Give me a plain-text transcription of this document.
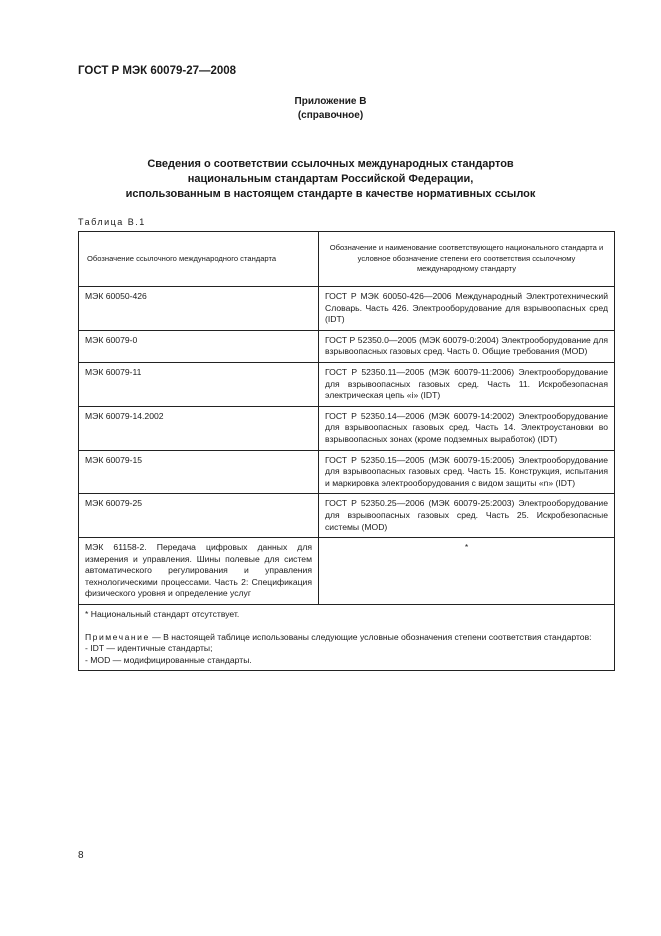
ГОСТ Р МЭК 60079-27—2008
Приложение В
(справочное)
Сведения о соответствии ссылочных международных стандартов
национальным стандартам Российской Федерации,
использованным в настоящем стандарте в качестве нормативных ссылок
Таблица В.1
Обозначение ссылочного международного стандарта	Обозначение и наименование соответствующего национального стандарта и условное обозначение степени его соответствия ссылочному международному стандарту
МЭК 60050-426	ГОСТ Р МЭК 60050-426—2006 Международный Электротехнический Словарь. Часть 426. Электрооборудование для взрывоопасных сред (IDT)
МЭК 60079-0	ГОСТ Р 52350.0—2005 (МЭК 60079-0:2004) Электрооборудование для взрывоопасных газовых сред. Часть 0. Общие требования (MOD)
МЭК 60079-11	ГОСТ Р 52350.11—2005 (МЭК 60079-11:2006) Электрооборудование для взрывоопасных газовых сред. Часть 11. Искробезопасная электрическая цепь «i» (IDT)
МЭК 60079-14.2002	ГОСТ Р 52350.14—2006 (МЭК 60079-14:2002) Электрооборудование для взрывоопасных газовых сред. Часть 14. Электроустановки во взрывоопасных зонах (кроме подземных выработок) (IDT)
МЭК 60079-15	ГОСТ Р 52350.15—2005 (МЭК 60079-15:2005) Электрооборудование для взрывоопасных газовых сред. Часть 15. Конструкция, испытания и маркировка электрооборудования с видом защиты «n» (IDT)
МЭК 60079-25	ГОСТ Р 52350.25—2006 (МЭК 60079-25:2003) Электрооборудование для взрывоопасных газовых сред. Часть 25. Искробезопасные системы (MOD)
МЭК 61158-2. Передача цифровых данных для измерения и управления. Шины полевые для систем автоматического регулирования и управления технологическими процессами. Часть 2: Спецификация физического уровня и определение услуг	*

* Национальный стандарт отсутствует.
Примечание — В настоящей таблице использованы следующие условные обозначения степени соответствия стандартов:
- IDT — идентичные стандарты;
- MOD — модифицированные стандарты.	
8
